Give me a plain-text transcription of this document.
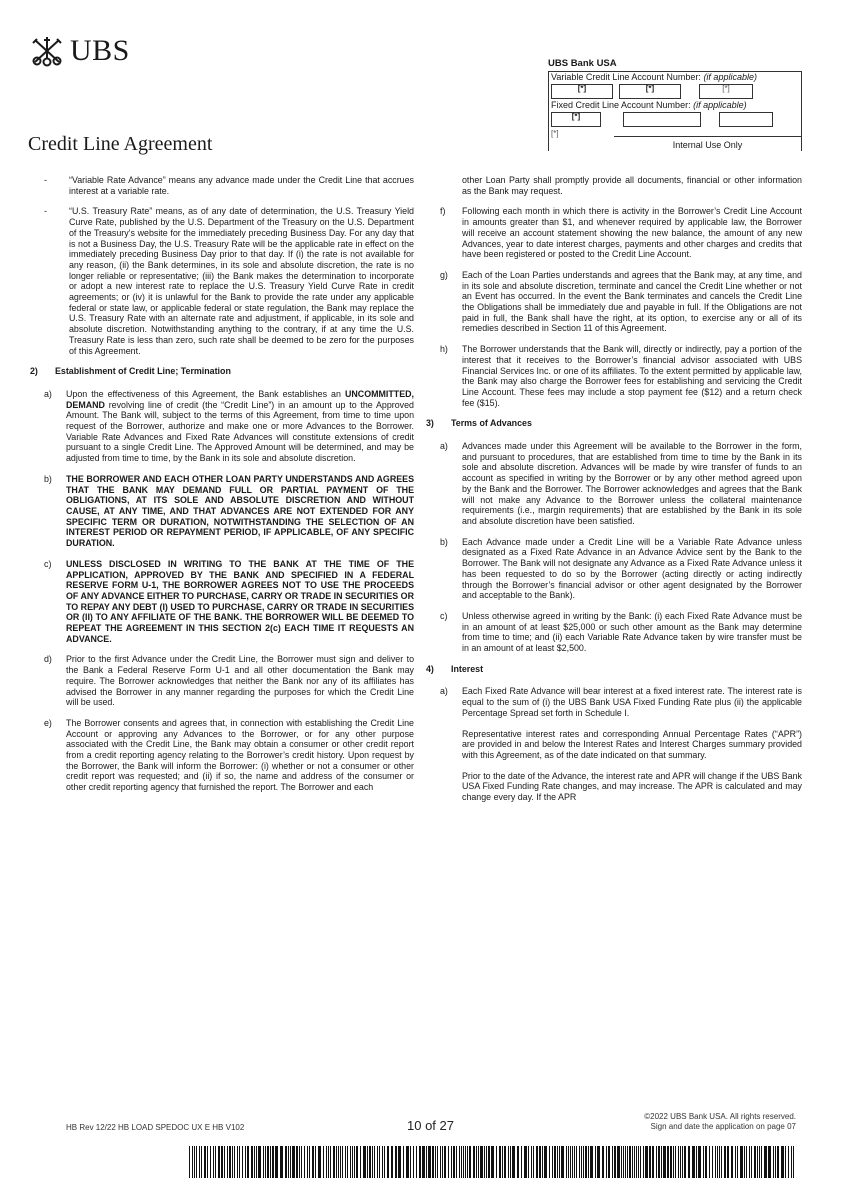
UBS
Credit Line Agreement
UBS Bank USA
Variable Credit Line Account Number: (if applicable)
[*]	[*]	[*]
Fixed Credit Line Account Number: (if applicable)
[*]
[*]
Internal Use Only
-	“Variable Rate Advance” means any advance made under the Credit Line that accrues interest at a variable rate.
-	“U.S. Treasury Rate” means, as of any date of determination, the U.S. Treasury Yield Curve Rate, published by the U.S. Department of the Treasury on the U.S. Department of the Treasury’s website for the immediately preceding Business Day. For any day that is not a Business Day, the U.S. Treasury Rate will be the applicable rate in effect on the immediately preceding Business Day prior to that day. If (i) the rate is not available for any reason, (ii) the Bank determines, in its sole and absolute discretion, the rate is no longer reliable or representative; (iii) the Bank makes the determination to incorporate or adopt a new interest rate to replace the U.S. Treasury Yield Curve Rate in credit agreements; or (iv) it is unlawful for the Bank to provide the rate under any applicable federal or state law, or applicable federal or state regulation, the Bank may replace the U.S. Treasury Rate with an alternate rate and adjustment, if applicable, in its sole and absolute discretion. Notwithstanding anything to the contrary, if at any time the U.S. Treasury Rate is less than zero, such rate shall be deemed to be zero for the purposes of this Agreement.
2)	Establishment of Credit Line; Termination
a)	Upon the effectiveness of this Agreement, the Bank establishes an UNCOMMITTED, DEMAND revolving line of credit (the “Credit Line”) in an amount up to the Approved Amount. The Bank will, subject to the terms of this Agreement, from time to time upon request of the Borrower, authorize and make one or more Advances to the Borrower. Variable Rate Advances and Fixed Rate Advances will constitute extensions of credit pursuant to a single Credit Line. The Approved Amount will be determined, and may be adjusted from time to time, by the Bank in its sole and absolute discretion.
b)	THE BORROWER AND EACH OTHER LOAN PARTY UNDERSTANDS AND AGREES THAT THE BANK MAY DEMAND FULL OR PARTIAL PAYMENT OF THE OBLIGATIONS, AT ITS SOLE AND ABSOLUTE DISCRETION AND WITHOUT CAUSE, AT ANY TIME, AND THAT ADVANCES ARE NOT EXTENDED FOR ANY SPECIFIC TERM OR DURATION, NOTWITHSTANDING THE SELECTION OF AN INTEREST PERIOD OR REPAYMENT PERIOD, IF APPLICABLE, OF ANY SPECIFIC DURATION.
c)	UNLESS DISCLOSED IN WRITING TO THE BANK AT THE TIME OF THE APPLICATION, APPROVED BY THE BANK AND SPECIFIED IN A FEDERAL RESERVE FORM U-1, THE BORROWER AGREES NOT TO USE THE PROCEEDS OF ANY ADVANCE EITHER TO PURCHASE, CARRY OR TRADE IN SECURITIES OR TO REPAY ANY DEBT (I) USED TO PURCHASE, CARRY OR TRADE IN SECURITIES OR (II) TO ANY AFFILIATE OF THE BANK. THE BORROWER WILL BE DEEMED TO REPEAT THE AGREEMENT IN THIS SECTION 2(c) EACH TIME IT REQUESTS AN ADVANCE.
d)	Prior to the first Advance under the Credit Line, the Borrower must sign and deliver to the Bank a Federal Reserve Form U-1 and all other documentation the Bank may require. The Borrower acknowledges that neither the Bank nor any of its affiliates has advised the Borrower in any manner regarding the purposes for which the Credit Line will be used.
e)	The Borrower consents and agrees that, in connection with establishing the Credit Line Account or approving any Advances to the Borrower, or for any other purpose associated with the Credit Line, the Bank may obtain a consumer or other credit report from a credit reporting agency relating to the Borrower’s credit history. Upon request by the Borrower, the Bank will inform the Borrower: (i) whether or not a consumer or other credit report was requested; and (ii) if so, the name and address of the consumer or other credit reporting agency that furnished the report. The Borrower and each
other Loan Party shall promptly provide all documents, financial or other information as the Bank may request.
f)	Following each month in which there is activity in the Borrower’s Credit Line Account in amounts greater than $1, and whenever required by applicable law, the Borrower will receive an account statement showing the new balance, the amount of any new Advances, year to date interest charges, payments and other charges and credits that have been registered or posted to the Credit Line Account.
g)	Each of the Loan Parties understands and agrees that the Bank may, at any time, and in its sole and absolute discretion, terminate and cancel the Credit Line whether or not an Event has occurred. In the event the Bank terminates and cancels the Credit Line the Obligations shall be immediately due and payable in full. If the Obligations are not paid in full, the Bank shall have the right, at its option, to exercise any or all of its remedies described in Section 11 of this Agreement.
h)	The Borrower understands that the Bank will, directly or indirectly, pay a portion of the interest that it receives to the Borrower’s financial advisor associated with UBS Financial Services Inc. or one of its affiliates. To the extent permitted by applicable law, the Bank may also charge the Borrower fees for establishing and servicing the Credit Line Account. These fees may include a stop payment fee ($12) and a return check fee ($15).
3)	Terms of Advances
a)	Advances made under this Agreement will be available to the Borrower in the form, and pursuant to procedures, that are established from time to time by the Bank in its sole and absolute discretion. Advances will be made by wire transfer of funds to an account as specified in writing by the Borrower or by any other method agreed upon by the Bank and the Borrower. The Borrower acknowledges and agrees that the Bank will not make any Advance to the Borrower unless the collateral maintenance requirements (i.e., margin requirements) that are established by the Bank in its sole and absolute discretion have been satisfied.
b)	Each Advance made under a Credit Line will be a Variable Rate Advance unless designated as a Fixed Rate Advance in an Advance Advice sent by the Bank to the Borrower. The Bank will not designate any Advance as a Fixed Rate Advance unless it has been requested to do so by the Borrower (acting directly or acting indirectly through the Borrower’s financial advisor or other agent designated by the Borrower and acceptable to the Bank).
c)	Unless otherwise agreed in writing by the Bank: (i) each Fixed Rate Advance must be in an amount of at least $25,000 or such other amount as the Bank may determine from time to time; and (ii) each Variable Rate Advance taken by wire transfer must be in an amount of at least $2,500.
4)	Interest
a)	Each Fixed Rate Advance will bear interest at a fixed interest rate. The interest rate is equal to the sum of (i) the UBS Bank USA Fixed Funding Rate plus (ii) the applicable Percentage Spread set forth in Schedule I.
Representative interest rates and corresponding Annual Percentage Rates (“APR”) are provided in and below the Interest Rates and Interest Charges summary provided with this Agreement, as of the date indicated on that summary.
Prior to the date of the Advance, the interest rate and APR will change if the UBS Bank USA Fixed Funding Rate changes, and may increase. The APR is calculated and may change every day. If the APR
HB Rev 12/22 HB LOAD SPEDOC UX E HB V102	10 of 27
©2022 UBS Bank USA. All rights reserved.
Sign and date the application on page 07
